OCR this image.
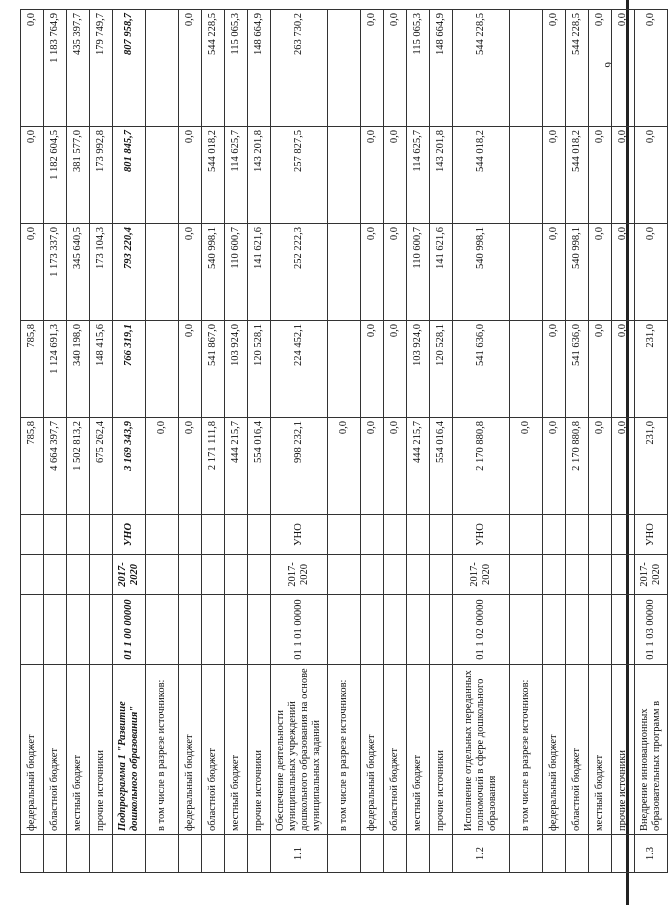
6
	федеральный бюджет				785,8	785,8	0,0	0,0	0,0
	областной бюджет				4 664 397,7	1 124 691,3	1 173 337,0	1 182 604,5	1 183 764,9
	местный бюджет				1 502 813,2	340 198,0	345 640,5	381 577,0	435 397,7
	прочие источники				675 262,4	148 415,6	173 104,3	173 992,8	179 749,7
	Подпрограмма 1 "Развитие дошкольного образования"	01 1 00 00000	2017-2020	УНО	3 169 343,9	766 319,1	793 220,4	801 845,7	807 958,7
	в том числе в разрезе источников:				0,0				
	федеральный бюджет				0,0	0,0	0,0	0,0	0,0
	областной бюджет				2 171 111,8	541 867,0	540 998,1	544 018,2	544 228,5
	местный бюджет				444 215,7	103 924,0	110 600,7	114 625,7	115 065,3
	прочие источники				554 016,4	120 528,1	141 621,6	143 201,8	148 664,9
1.1	Обеспечение деятельности муниципальных учреждений дошкольного образования на основе муниципальных заданий	01 1 01 00000	2017-2020	УНО	998 232,1	224 452,1	252 222,3	257 827,5	263 730,2
	в том числе в разрезе источников:				0,0				
	федеральный бюджет				0,0	0,0	0,0	0,0	0,0
	областной бюджет				0,0	0,0	0,0	0,0	0,0
	местный бюджет				444 215,7	103 924,0	110 600,7	114 625,7	115 065,3
	прочие источники				554 016,4	120 528,1	141 621,6	143 201,8	148 664,9
1.2	Исполнение отдельных переданных полномочий в сфере дошкольного образования	01 1 02 00000	2017-2020	УНО	2 170 880,8	541 636,0	540 998,1	544 018,2	544 228,5
	в том числе в разрезе источников:				0,0				
	федеральный бюджет				0,0	0,0	0,0	0,0	0,0
	областной бюджет				2 170 880,8	541 636,0	540 998,1	544 018,2	544 228,5
	местный бюджет				0,0	0,0	0,0	0,0	0,0
	прочие источники				0,0	0,0	0,0	0,0	0,0
1.3	Внедрение инновационных образовательных программ в	01 1 03 00000	2017-2020	УНО	231,0	231,0	0,0	0,0	0,0
